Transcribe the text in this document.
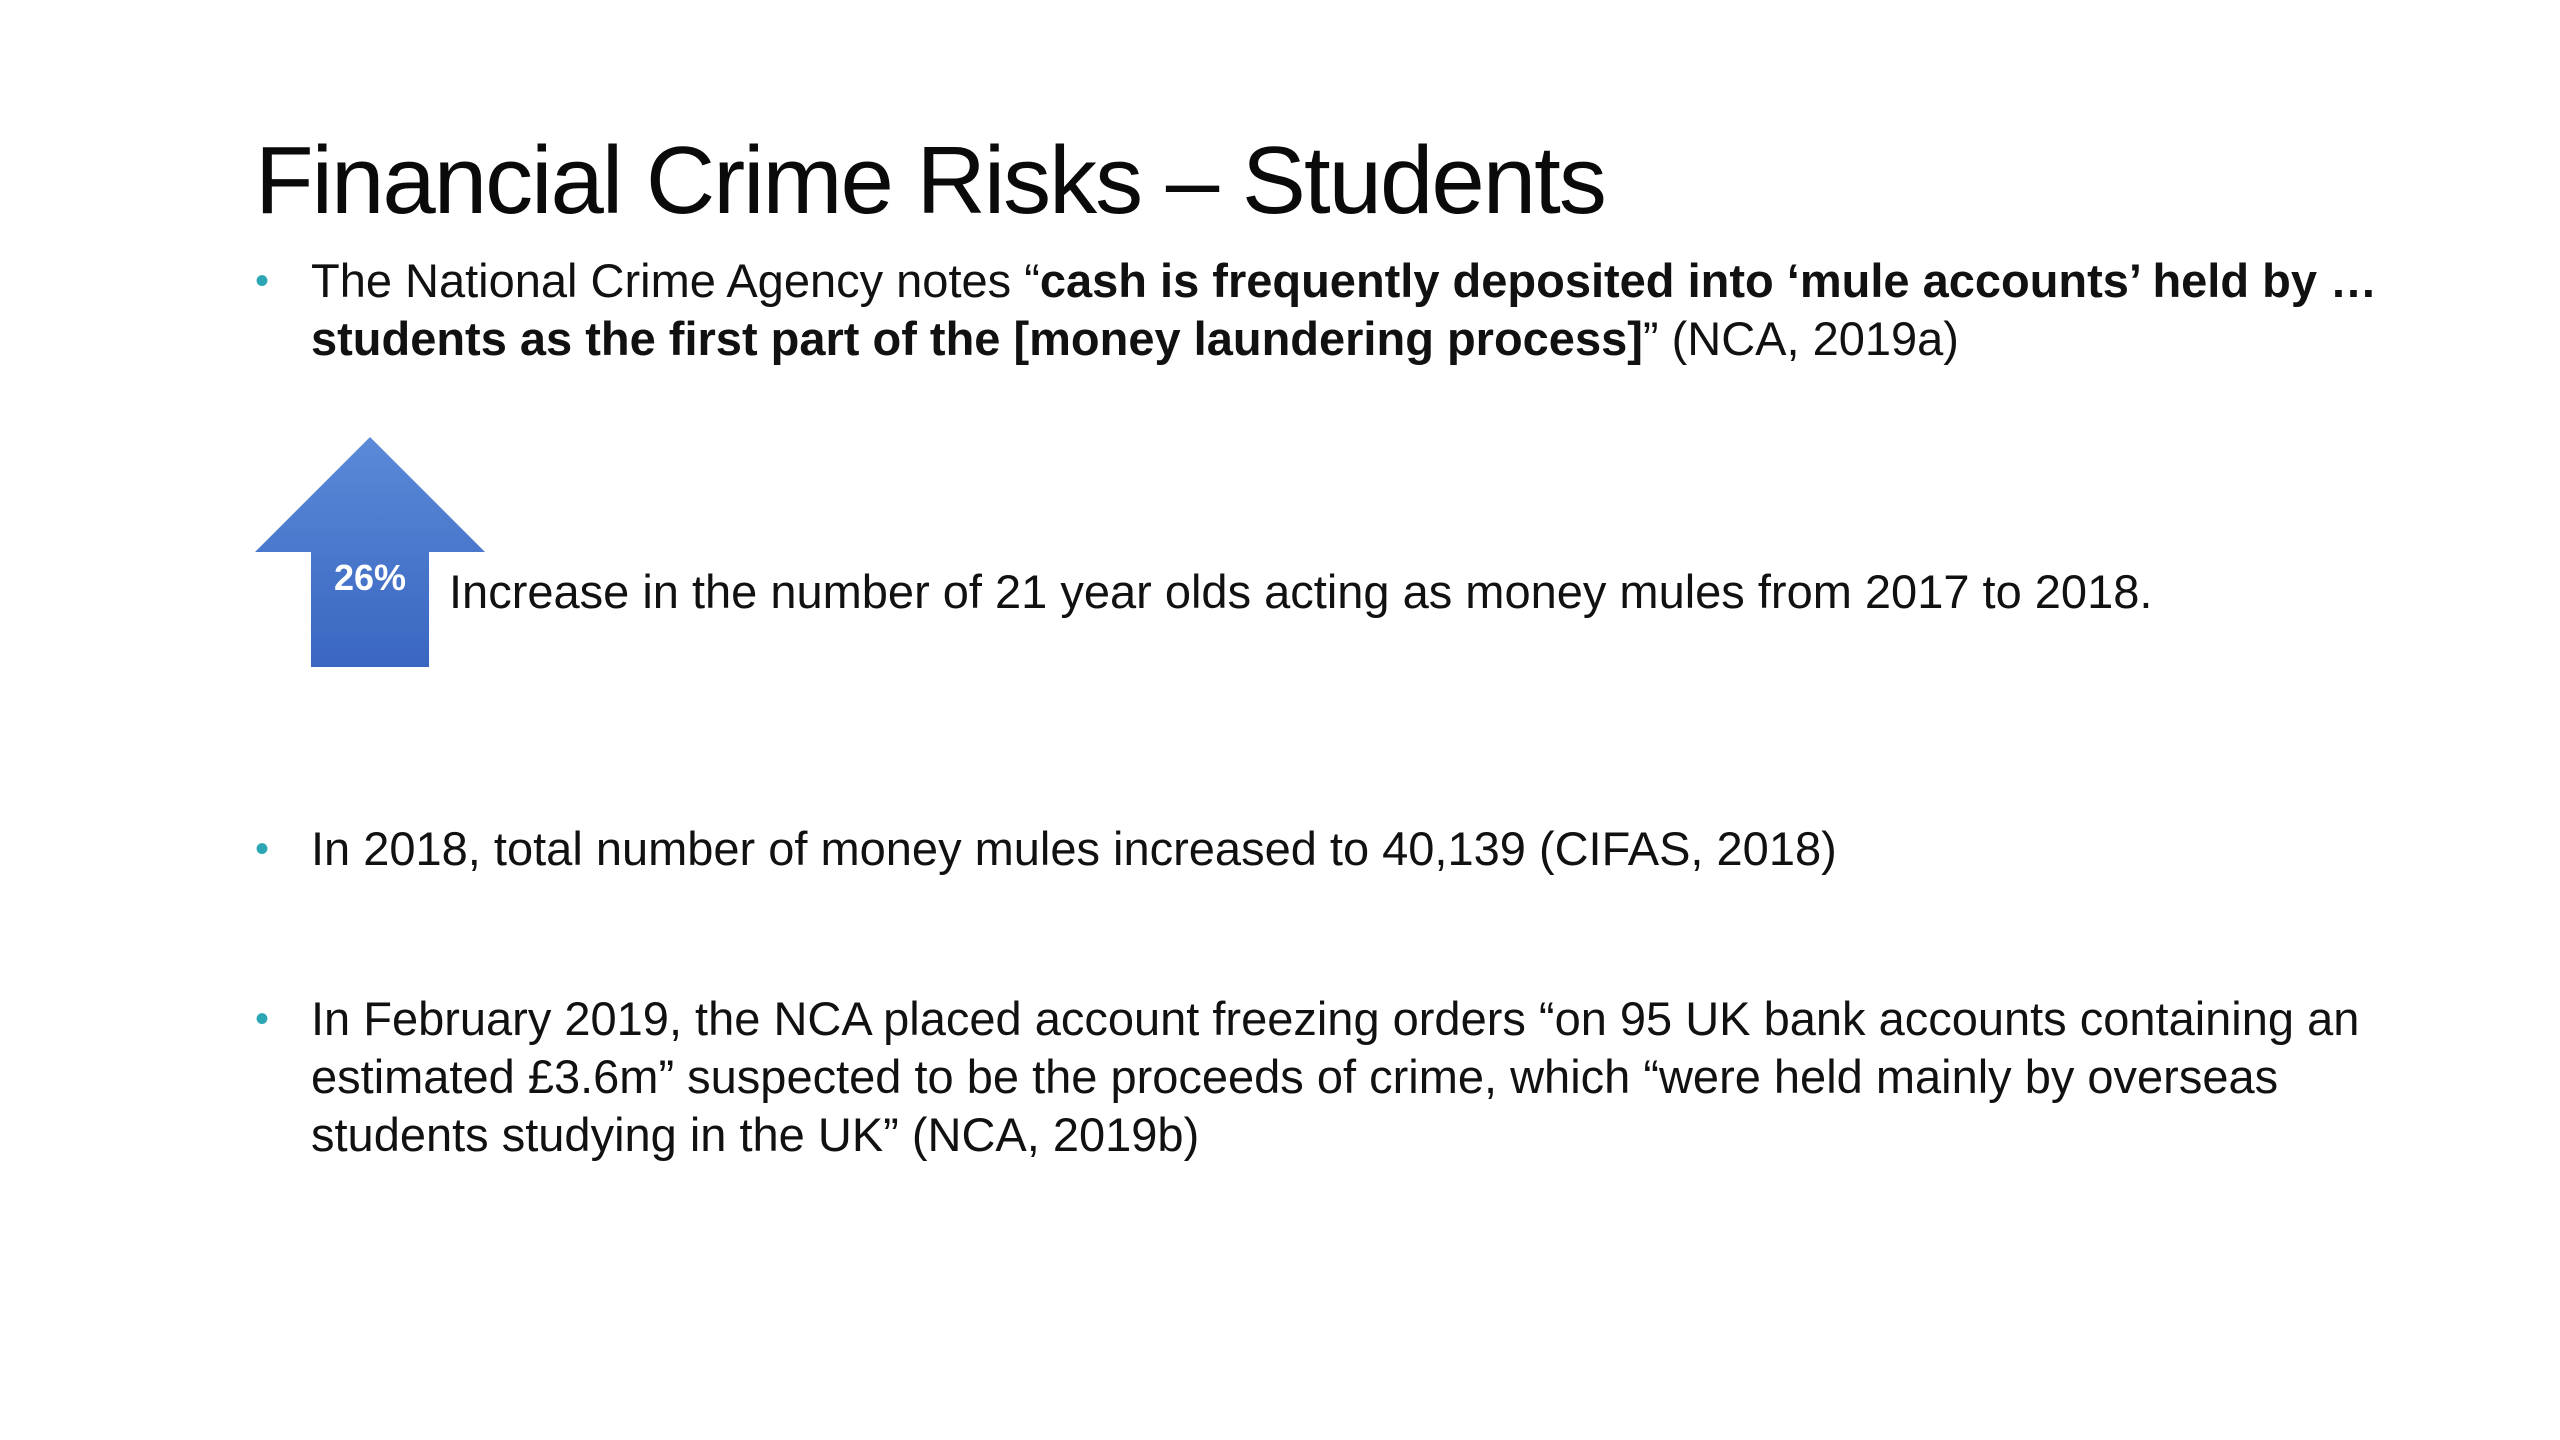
Financial Crime Risks – Students
• The National Crime Agency notes “cash is frequently deposited into ‘mule accounts’ held by … students as the first part of the [money laundering process]” (NCA, 2019a)
26% Increase in the number of 21 year olds acting as money mules from 2017 to 2018.
• In 2018, total number of money mules increased to 40,139 (CIFAS, 2018)
• In February 2019, the NCA placed account freezing orders “on 95 UK bank accounts containing an estimated £3.6m” suspected to be the proceeds of crime, which “were held mainly by overseas students studying in the UK” (NCA, 2019b)
